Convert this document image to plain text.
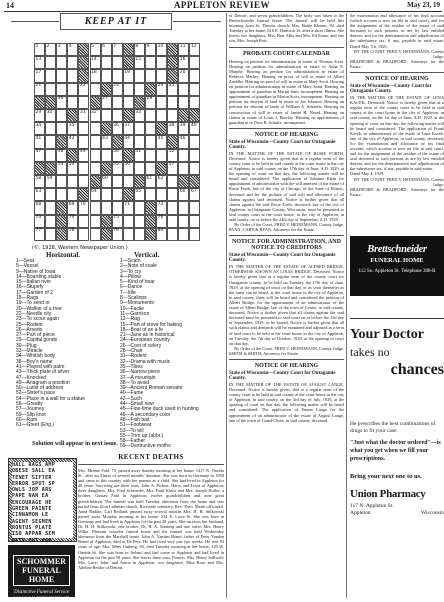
14	APPLETON REVIEW	May 23, 19
KEEP AT IT
1 2 3 4	5 6 7	8 9 10	11 12
13	14	15	16
17	18	19	20
21	22	23	24 25
26	27	28
29 30	31 32	33
34	35	36 37	38 39 40
41	42	43	44	45	46
47	48	49	50	51	52
53 54	55 56	57
58 59	60	61 62
63	64	65	66 67
68	69 70	71	72
73	74	75	76
77	78	79	80
(©, 1928, Western Newspaper Union.)
Horizontal.	Vertical.
1—Seat
5—Vessel
9—Native of Iowa
14—Boarding stable
15—Italian river
16—Stupefy
17—Garden of 2
18—Rags
19—To send in
20—Walker of a tree
22—Needle city
23—To scour again
25—Rodent
26—Arrests
27—Part of piece
29—Capital gonds
30—Plug
33—Miracle
34—Whitish body
38—Boy's name
41—Played with palm
43—Thick plate of silver
47—Knocked
49—Anagram a position
50—Lutist of address
52—Sister's pace
54—Place in a wall for a statue
56—Greatly
57—Journey
59—Slip knot
60—Ram
61—Greet (Eng.)
1—Scam
2—Note of scale
3—To cry
4—Pillow
5—Kind of boar
6—Dance
7—Idle
8—Scallops
9—Monuments
10—Facile
11—Garrison
12—Rag
15—Part of stove for baking
18—Boat of an a fe
21—Jane as in historical
24—European country
26—Cost of celery
28—Chair
31—Rodent
32—Drama with music
35—Tibes
36—Narrow piece
37—A mountain
38—To avoid
39—Ancient Roman senator
40—Fame
42—Such
44—Small rewr
45—Fine-time duck used in hunting
46—A secondary color
48—Fish bait
51—Footwear
53—To tell
55—Trim up (abbr.)
58—Father
59—Destructive moths
Solution will appear in next issue.
HALL RAGS AMP
OBESE SALL EA
TENET SIFTER
ERROR SPUT SP
OWLS JOP ARS
PAPE NAN EA
ENCOURAGE HE
GREEN PAINTE
CINNAMON LE
AGENT SEGMEN
RONTUS PLATE
ISO APPAR SEM
RATE ENT ASH
SCHOMMER FUNERAL HOME
Distinctive Funeral Service
210 W. WASHINGTON ST.
RECENT DEATHS
Mrs. Minnie Fahl, 70, passed away Sunday morning at her home, 1417 N. Oneida St., after an illness of several months' duration. She was born in Germany in 1858 and came to this country with her parents as a child. She had lived in Appleton for 48 years. Surviving are three sons, John A. Pickert, Harry and Louis of Appleton; three daughters, Mrs. Fred Schroeder, Mrs. Emil Kleist and Mrs. Joseph Holler; a brother, Gustav Fahl in Appleton; twelve grandchildren and nine great grandchildren. The funeral was held Tuesday afternoon from the home and was buried from Zion Lutheran church, Riverside cemetery. Rev. Theo. Marth officiated. Anna Radtke, Carl Reiland, passed away several months Mrs. H. H. Stilkowski passed away Monday morning at her home, 214 E. Lawe St. She was born in Germany and had lived in Appleton for the past 28 years. She survives her husband, Dr. H. H. Stilkowski; one brother, Dr. H. A. Sunberg and one sister. Mrs. Henry Wilke. Pleasant schooler funeral home and the funeral was held Wednesday afternoon from the Marshall home. John A. Vanden Brand, father of Peter Vanden Brand of Appleton, died at De Pere. He had lived very just two weeks. He was 83 years of age. Mrs. Mary Guiberg, 84, died Tuesday morning at her home, 120 W. Oneida St. She was born in Ireland and had come to Appleton and had lived in Appleton for the past 58 years. She leaves three sons, Francis, Mrs. Henry Stillwell; Mrs. Luce; John; and Aaron in Appleton; two daughters, Miss Rose and Mrs. Adeline Bettler of Detroit.
of Detroit; and seven grandchildren. The body was taken to the Brettschneider funeral home. The funeral will be held this morning from St. Theresa church. Mrs. Hattie Kleiner, 82, died Tuesday at her home, 616 E. Hancock St. after a short illness. She leaves two daughters, Mrs. Ben. Ellis and Mrs. Ed Franz, and one son, Mrs. Joseph Pirri.
PROBATE COURT CALENDAR
Hearing on petition for administration in estate of Thomas Scott. Hearing on petition for administration in estate of Anna E. Murphy. Hearing on petition for administration in estate of Rebecca Mathey. Hearing on proof of will in estate of Albert Zuehlke. Hearing on proof of will in estate of Mary Scott. Hearing on petition for administration in estate of Mary Saint. Hearing on appointment of guardian in Martin Smit, incompetent. Hearing on appointment of guardian in Martin Scott, incompetent. Hearing on petition for descent of land in estate of Joe Johnson. Hearing on petition for descent of lands of William A. Schaefer. Hearing on construction of will in estate of James H. Nerad. Hearing on claims in estate of Louis J. Barclay. Hearing on appointment of guardian in re Dora B. Schultz, incompetent.
NOTICE OF HEARING
State of Wisconsin—County Court for Outagamie County.
IN THE MATTER OF THE ESTATE OF ROSIE FORTH, Deceased. Notice is hereby given that at a regular term of the county court to be held in said county at the court house in the city of Appleton, in said county on the 17th day of June, A.D. 1929, at the opening of court on that day, the following matter will be heard and considered: The application of Johanna Klein for appointment of administrator with the will annexed of the estate of Rosie Forth, late of the city of Chicago, in the State of Illinois, deceased and for the probate of said will and allowance of all claims against said deceased. Notice is further given that all claims against the said Rosie Forth, deceased, late of the city of Appleton, in Outagamie County, Wisconsin, must be presented to said county court at the court house, in the city of Appleton, in said county, on or before the 24th day of September, A.D. 1929.
By Order of the Court, FRED V. HEINEMANN, County Judge.
RYAN, CARY & RYAN, Attorneys for the Estate.
NOTICE FOR ADMINISTRATION, AND NOTICE TO CREDITORS
State of Wisconsin—County Court for Outagamie County.
IN THE MATTER OF THE ESTATE OF ALFRED BRIDGE, OTHERWISE KNOWN AS LOUIS BRIDGE, Deceased. Notice is hereby given that at a regular term of the county court for Outagamie county, to be held on Tuesday, the 17th day of June, 1929, at the opening of court on that day, or as soon thereafter as the same can be heard, at the court house in the city of Appleton, in said county, there will be heard and considered the petition of Albert Bridge, for the appointment of an administrator of the estate of Albert Bridge, late of the town of Center, in said county, deceased. Notice is further given that all claims against the said deceased must be presented to said court on or before the 23d day of September, 1929, or be barred. Notice is further given that all such claims and demands will be examined and adjusted at a term of said court to be held at the court house in the city of Appleton, on Tuesday, the 7th day of October, 1929, at the opening of court on that day.
By Order of the Court, FRED V. HEINEMANN, County Judge.
SMITH & SMITH, Attorneys for Estate.
NOTICE OF HEARING
State of Wisconsin—County Court for Outagamie County.
IN THE MATTER OF THE ESTATE OF AUGUST LANGE, Deceased. Notice is hereby given, that at a regular term of the county court to be held in said county at the court house in the city of Appleton, in said county, on the 3rd day of July, 1929, at the opening of court on that day, the following matter will be heard and considered: The application of Emma Lange for the appointment of an administrator of the estate of August Lange, late of the town of Grand Chute, in said county, deceased.
the examination and allowance of his final account (which account is now on file in said court), and for the assignment of the residue of the estate of said deceased to such persons as are by law entitled thereto; and for the determination and adjudication of the inheritance tax, if any, payable in said estate. Dated May 7th, 1929.
BY THE COURT, FRED V. HEINEMANN, County Judge.
BRADFORD & BRADFORD, Attorneys for the Estate.
NOTICE OF HEARING
State of Wisconsin—County Court for Outagamie County.
IN THE MATTER OF THE ESTATE OF LENA KACEK, Deceased. Notice is hereby given that at a regular term of the county court to be held in said county at the court house in the city of Appleton, in said county, on the 1st day of June, A.D. 1929, at the opening of court on that day, the following matter will be heard and considered: The application of Frank Kacek, as administrator of the estate of Lena Kacek, late of the city of Appleton, in said county, deceased, for the examination and allowance of his final account, which account is now on file in said court, and for the assignment of the residue of the estate of said deceased to such persons as are by law entitled thereto, and for the determination and adjudication of the inheritance tax, if any, payable in said estate.
Dated May 4, 1929.
BY THE COURT, FRED V. HEINEMANN, County Judge.
BRADFORD & BRADFORD, Attorneys for the Estate.
Brettschneider
FUNERAL HOME
112 So. Appleton St. Telephone 308-R
Your Doctor
takes no
chances
He prescribes the best combinations of drugs to fit your case.
"Just what the doctor ordered"—is what you get when we fill your prescriptions.
Bring your next one to us.
Union Pharmacy
117 N. Appleton St.
Appleton	Wisconsin
